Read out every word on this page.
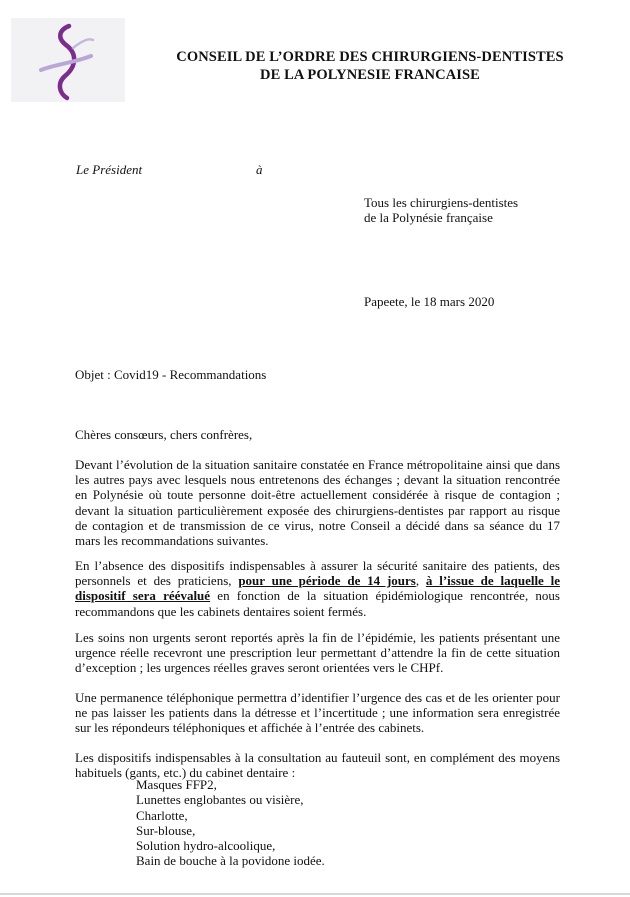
CONSEIL DE L’ORDRE DES CHIRURGIENS-DENTISTES
DE LA POLYNESIE FRANCAISE
Le Président	à
Tous les chirurgiens-dentistes
de la Polynésie française
Papeete, le 18 mars 2020
Objet : Covid19 - Recommandations
Chères consœurs, chers confrères,
Devant l’évolution de la situation sanitaire constatée en France métropolitaine ainsi que dans les autres pays avec lesquels nous entretenons des échanges ; devant la situation rencontrée en Polynésie où toute personne doit-être actuellement considérée à risque de contagion ; devant la situation particulièrement exposée des chirurgiens-dentistes par rapport au risque de contagion et de transmission de ce virus, notre Conseil a décidé dans sa séance du 17 mars les recommandations suivantes.
En l’absence des dispositifs indispensables à assurer la sécurité sanitaire des patients, des personnels et des praticiens, pour une période de 14 jours, à l’issue de laquelle le dispositif sera réévalué en fonction de la situation épidémiologique rencontrée, nous recommandons que les cabinets dentaires soient fermés.
Les soins non urgents seront reportés après la fin de l’épidémie, les patients présentant une urgence réelle recevront une prescription leur permettant d’attendre la fin de cette situation d’exception ; les urgences réelles graves seront orientées vers le CHPf.
Une permanence téléphonique permettra d’identifier l’urgence des cas et de les orienter pour ne pas laisser les patients dans la détresse et l’incertitude ; une information sera enregistrée sur les répondeurs téléphoniques et affichée à l’entrée des cabinets.
Les dispositifs indispensables à la consultation au fauteuil sont, en complément des moyens habituels (gants, etc.) du cabinet dentaire :
Masques FFP2,
Lunettes englobantes ou visière,
Charlotte,
Sur-blouse,
Solution hydro-alcoolique,
Bain de bouche à la povidone iodée.
